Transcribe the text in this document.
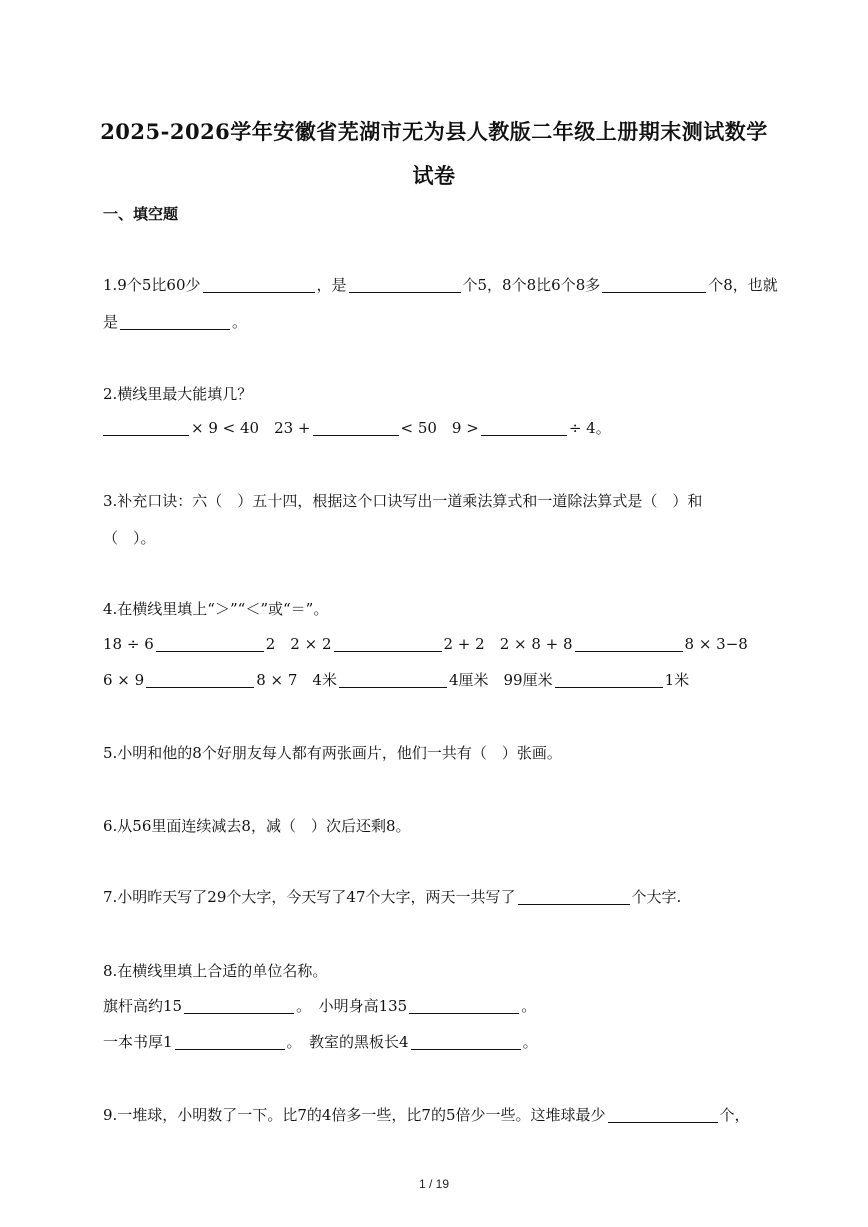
2025-2026学年安徽省芜湖市无为县人教版二年级上册期末测试数学
试卷
一、填空题
1.9个5比60少	，是	个5，8个8比6个8多	个8，也就
是	。
2.横线里最大能填几？
× 9 < 40　23 +	< 50　9 >	÷ 4。
3.补充口诀：六（　）五十四，根据这个口诀写出一道乘法算式和一道除法算式是（　）和
（　）。
4.在横线里填上“＞”“＜”或“＝”。
18 ÷ 6	2　2 × 2	2 + 2　2 × 8 + 8	8 × 3−8
6 × 9	8 × 7　4米	4厘米　99厘米	1米
5.小明和他的8个好朋友每人都有两张画片，他们一共有（　）张画。
6.从56里面连续减去8，减（　）次后还剩8。
7.小明昨天写了29个大字，今天写了47个大字，两天一共写了	个大字.
8.在横线里填上合适的单位名称。
旗杆高约15	。　小明身高135	。
一本书厚1	。　教室的黑板长4	。
9.一堆球，小明数了一下。比7的4倍多一些，比7的5倍少一些。这堆球最少	个，
1 / 19
